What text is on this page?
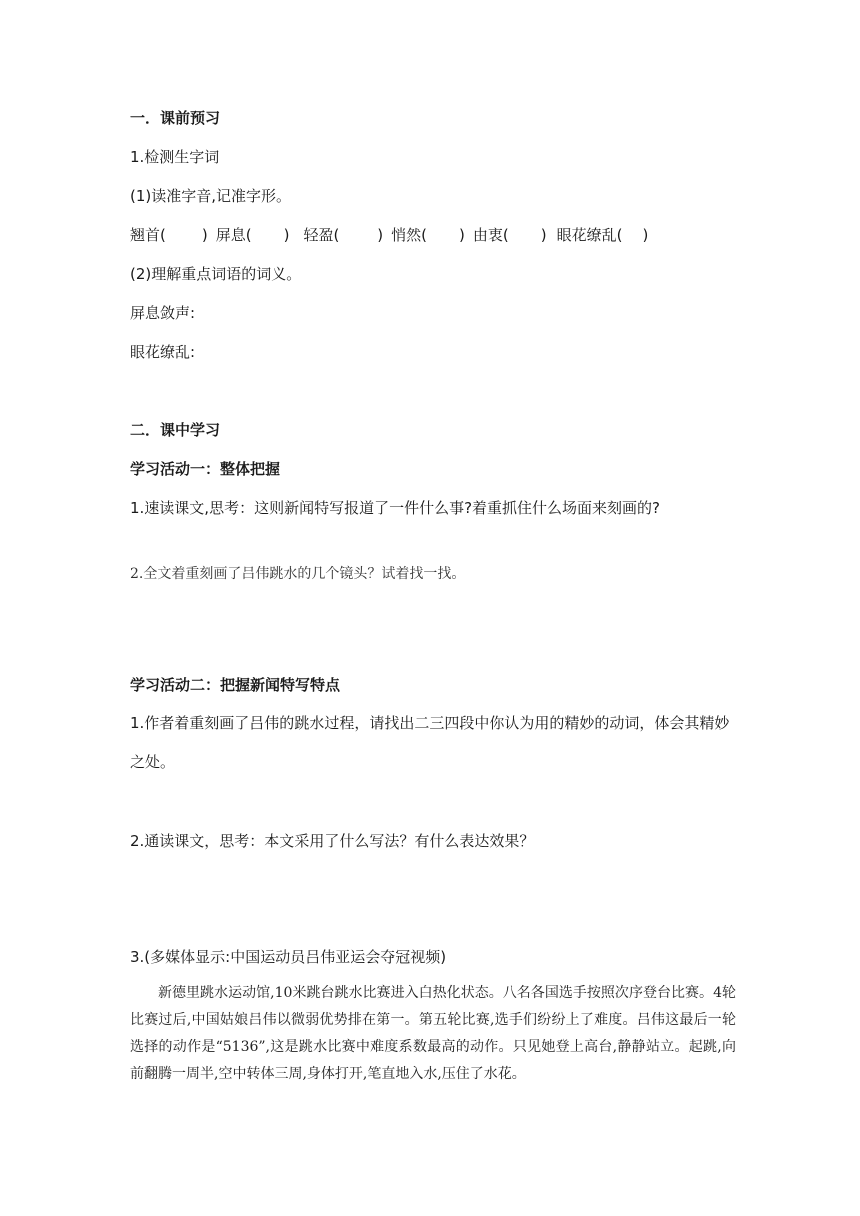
一．课前预习
1.检测生字词
(1)读准字音,记准字形。
翘首( ) 屏息( ) 轻盈(	) 悄然( ) 由衷( ) 眼花缭乱( )
(2)理解重点词语的词义。
屏息敛声:
眼花缭乱:
二．课中学习
学习活动一：整体把握
1.速读课文,思考：这则新闻特写报道了一件什么事?着重抓住什么场面来刻画的?
2.全文着重刻画了吕伟跳水的几个镜头？试着找一找。
学习活动二：把握新闻特写特点
1.作者着重刻画了吕伟的跳水过程，请找出二三四段中你认为用的精妙的动词，体会其精妙
之处。
2.通读课文，思考：本文采用了什么写法？有什么表达效果？
3.(多媒体显示:中国运动员吕伟亚运会夺冠视频)
新德里跳水运动馆,10米跳台跳水比赛进入白热化状态。八名各国选手按照次序登台比赛。4轮比赛过后,中国姑娘吕伟以微弱优势排在第一。第五轮比赛,选手们纷纷上了难度。吕伟这最后一轮选择的动作是“5136”,这是跳水比赛中难度系数最高的动作。只见她登上高台,静静站立。起跳,向前翻腾一周半,空中转体三周,身体打开,笔直地入水,压住了水花。
